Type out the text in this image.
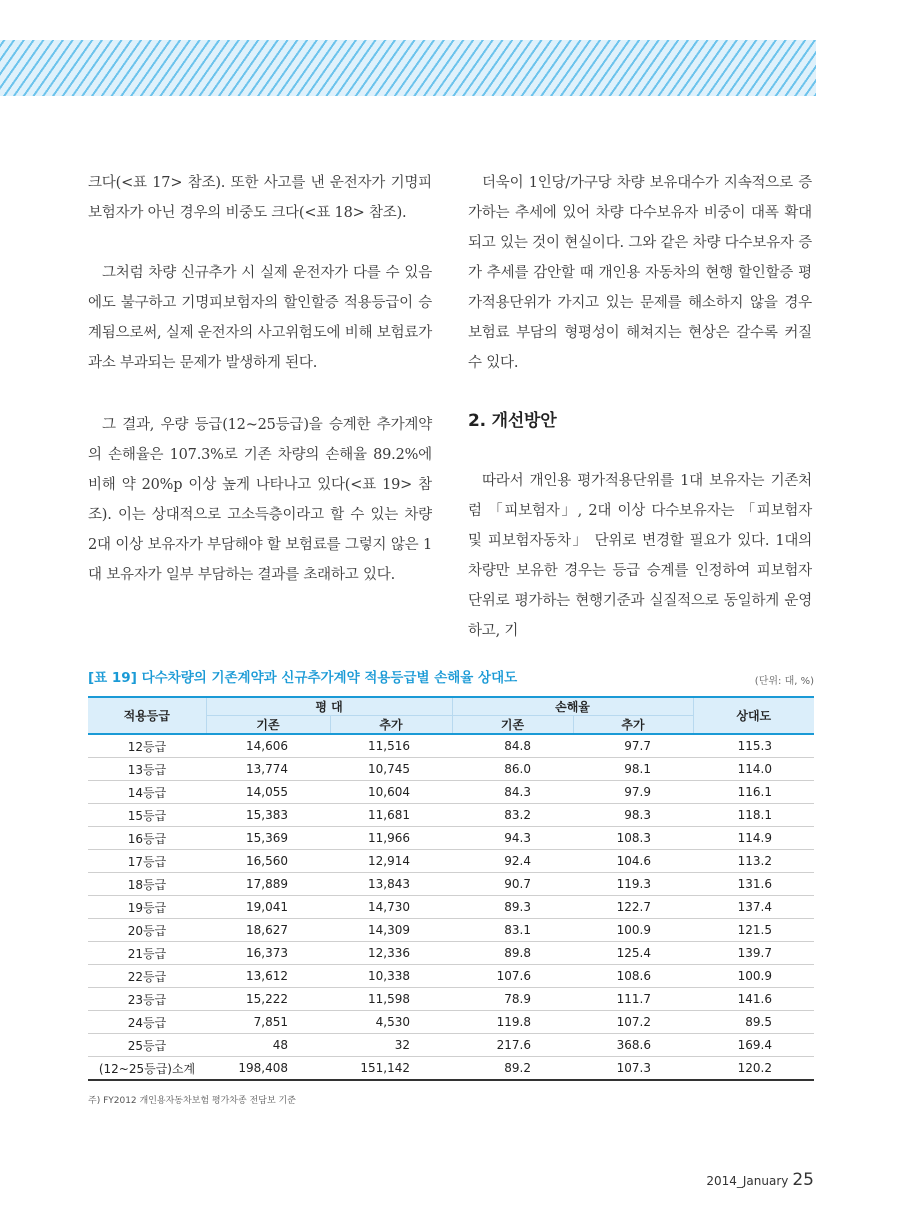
크다(<표 17> 참조). 또한 사고를 낸 운전자가 기명피보험자가 아닌 경우의 비중도 크다(<표 18> 참조).

그처럼 차량 신규추가 시 실제 운전자가 다를 수 있음에도 불구하고 기명피보험자의 할인할증 적용등급이 승계됨으로써, 실제 운전자의 사고위험도에 비해 보험료가 과소 부과되는 문제가 발생하게 된다.

그 결과, 우량 등급(12~25등급)을 승계한 추가계약의 손해율은 107.3%로 기존 차량의 손해율 89.2%에 비해 약 20%p 이상 높게 나타나고 있다(<표 19> 참조). 이는 상대적으로 고소득층이라고 할 수 있는 차량 2대 이상 보유자가 부담해야 할 보험료를 그렇지 않은 1대 보유자가 일부 부담하는 결과를 초래하고 있다.

더욱이 1인당/가구당 차량 보유대수가 지속적으로 증가하는 추세에 있어 차량 다수보유자 비중이 대폭 확대되고 있는 것이 현실이다. 그와 같은 차량 다수보유자 증가 추세를 감안할 때 개인용 자동차의 현행 할인할증 평가적용단위가 가지고 있는 문제를 해소하지 않을 경우 보험료 부담의 형평성이 해쳐지는 현상은 갈수록 커질 수 있다.

2. 개선방안

따라서 개인용 평가적용단위를 1대 보유자는 기존처럼 「피보험자」, 2대 이상 다수보유자는 「피보험자 및 피보험자동차」 단위로 변경할 필요가 있다. 1대의 차량만 보유한 경우는 등급 승계를 인정하여 피보험자 단위로 평가하는 현행기준과 실질적으로 동일하게 운영하고, 기

[표 19] 다수차량의 기존계약과 신규추가계약 적용등급별 손해율 상대도	(단위: 대, %)
적용등급	평 대		손해율		상대도
	기존	추가	기존	추가	
12등급	14,606	11,516	84.8	97.7	115.3
13등급	13,774	10,745	86.0	98.1	114.0
14등급	14,055	10,604	84.3	97.9	116.1
15등급	15,383	11,681	83.2	98.3	118.1
16등급	15,369	11,966	94.3	108.3	114.9
17등급	16,560	12,914	92.4	104.6	113.2
18등급	17,889	13,843	90.7	119.3	131.6
19등급	19,041	14,730	89.3	122.7	137.4
20등급	18,627	14,309	83.1	100.9	121.5
21등급	16,373	12,336	89.8	125.4	139.7
22등급	13,612	10,338	107.6	108.6	100.9
23등급	15,222	11,598	78.9	111.7	141.6
24등급	7,851	4,530	119.8	107.2	89.5
25등급	48	32	217.6	368.6	169.4
(12~25등급)소계	198,408	151,142	89.2	107.3	120.2
주) FY2012 개인용자동차보험 평가차종 전담보 기준
2014_January 25
